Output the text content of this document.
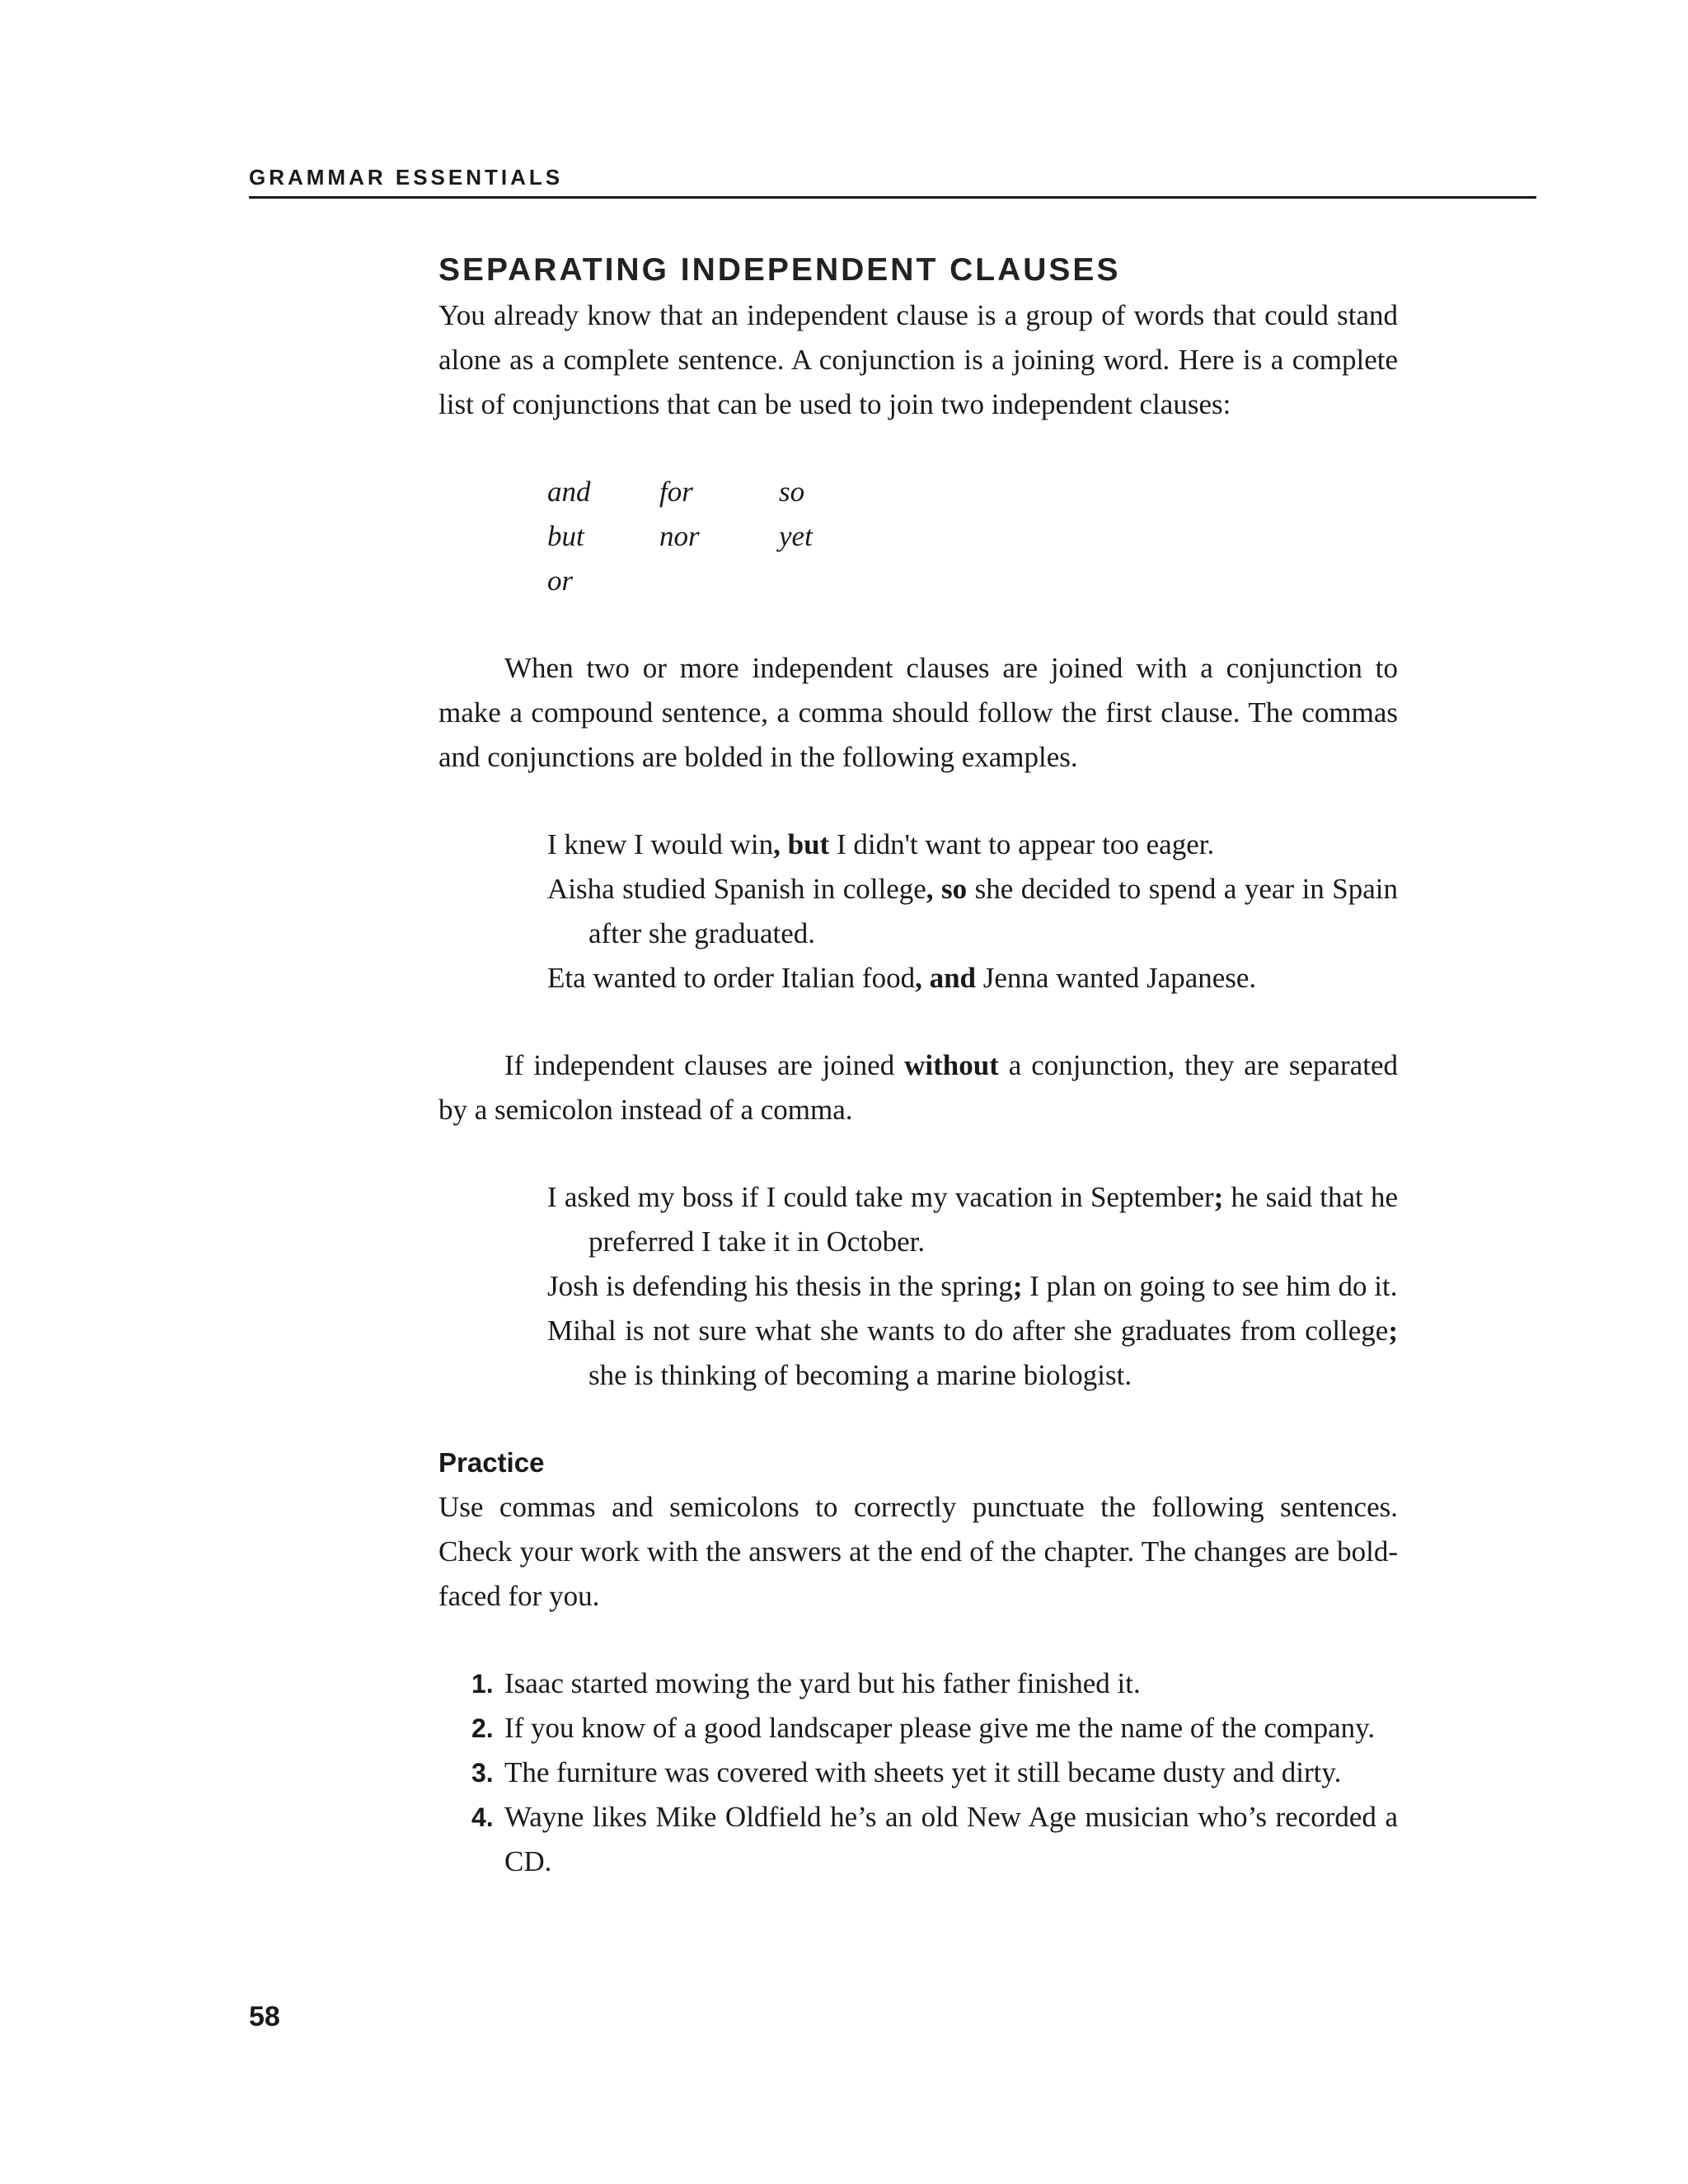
GRAMMAR ESSENTIALS
SEPARATING INDEPENDENT CLAUSES

You already know that an independent clause is a group of words that could stand alone as a complete sentence. A conjunction is a joining word. Here is a complete list of conjunctions that can be used to join two independent clauses:

and	for	so
but	nor	yet
or		

When two or more independent clauses are joined with a conjunction to make a compound sentence, a comma should follow the first clause. The commas and conjunctions are bolded in the following examples.

I knew I would win, but I didn't want to appear too eager.
Aisha studied Spanish in college, so she decided to spend a year in Spain after she graduated.
Eta wanted to order Italian food, and Jenna wanted Japanese.

If independent clauses are joined without a conjunction, they are separated by a semicolon instead of a comma.

I asked my boss if I could take my vacation in September; he said that he preferred I take it in October.
Josh is defending his thesis in the spring; I plan on going to see him do it.
Mihal is not sure what she wants to do after she graduates from college; she is thinking of becoming a marine biologist.
Practice

Use commas and semicolons to correctly punctuate the following sentences. Check your work with the answers at the end of the chapter. The changes are bold-faced for you.

1. Isaac started mowing the yard but his father finished it.
2. If you know of a good landscaper please give me the name of the company.
3. The furniture was covered with sheets yet it still became dusty and dirty.
4. Wayne likes Mike Oldfield he’s an old New Age musician who’s recorded a CD.
58
